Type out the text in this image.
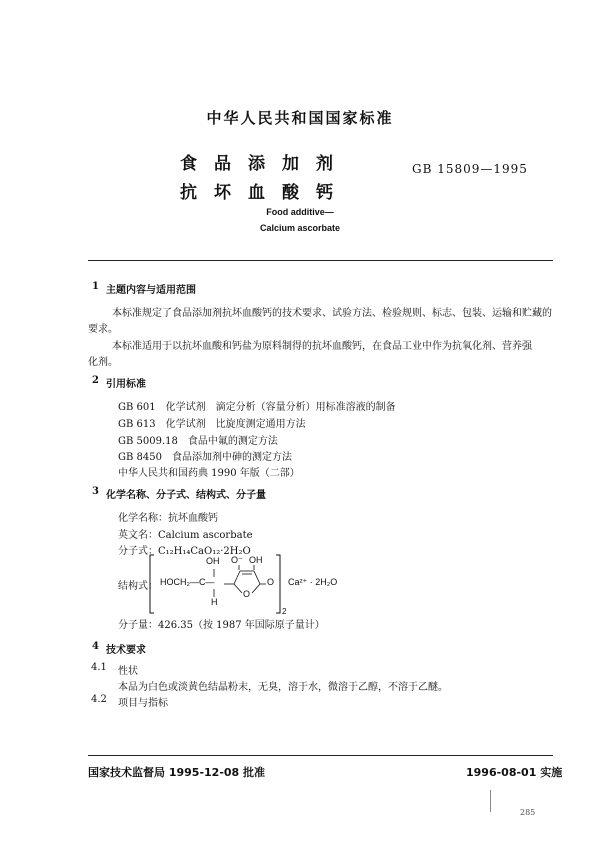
中华人民共和国国家标准
食品添加剂
抗坏血酸钙
GB 15809—1995
Food additive—
Calcium ascorbate
1 主题内容与适用范围
本标准规定了食品添加剂抗坏血酸钙的技术要求、试验方法、检验规则、标志、包装、运输和贮藏的
要求。
本标准适用于以抗坏血酸和钙盐为原料制得的抗坏血酸钙，在食品工业中作为抗氧化剂、营养强
化剂。
2 引用标准
GB 601　化学试剂　滴定分析（容量分析）用标准溶液的制备
GB 613　化学试剂　比旋度测定通用方法
GB 5009.18　食品中氟的测定方法
GB 8450　食品添加剂中砷的测定方法
中华人民共和国药典 1990 年版（二部）
3 化学名称、分子式、结构式、分子量
化学名称：抗坏血酸钙
英文名：Calcium ascorbate
分子式：C₁₂H₁₄CaO₁₂·2H₂O
结构式：
OH O⁻ OH
HOCH₂—C—
H
O
O
2
Ca²⁺ · 2H₂O
分子量：426.35（按 1987 年国际原子量计）
4 技术要求
4.1 性状
本品为白色或淡黄色结晶粉末，无臭，溶于水，微溶于乙醇，不溶于乙醚。
4.2 项目与指标
国家技术监督局 1995-12-08 批准	1996-08-01 实施
285
